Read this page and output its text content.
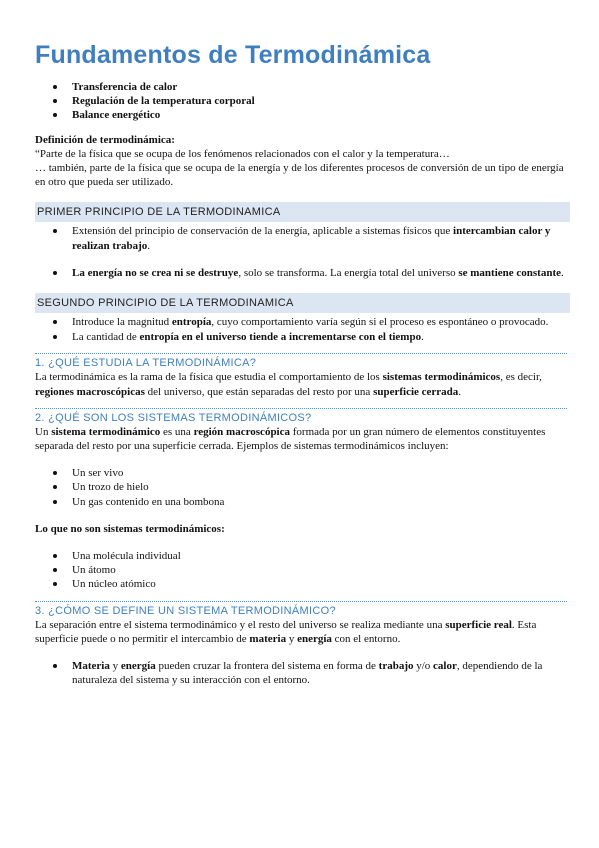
Fundamentos de Termodinámica
Transferencia de calor
Regulación de la temperatura corporal
Balance energético

Definición de termodinámica:

“Parte de la física que se ocupa de los fenómenos relacionados con el calor y la temperatura…

… también, parte de la física que se ocupa de la energía y de los diferentes procesos de conversión de un tipo de energía en otro que pueda ser utilizado.

PRIMER PRINCIPIO DE LA TERMODINAMICA
Extensión del principio de conservación de la energía, aplicable a sistemas físicos que intercambian calor y realizan trabajo.
La energía no se crea ni se destruye, solo se transforma. La energía total del universo se mantiene constante.
SEGUNDO PRINCIPIO DE LA TERMODINAMICA
Introduce la magnitud entropía, cuyo comportamiento varía según si el proceso es espontáneo o provocado.
La cantidad de entropía en el universo tiende a incrementarse con el tiempo.
1. ¿QUÉ ESTUDIA LA TERMODINÁMICA?

La termodinámica es la rama de la física que estudia el comportamiento de los sistemas termodinámicos, es decir, regiones macroscópicas del universo, que están separadas del resto por una superficie cerrada.

2. ¿QUÉ SON LOS SISTEMAS TERMODINÁMICOS?

Un sistema termodinámico es una región macroscópica formada por un gran número de elementos constituyentes separada del resto por una superficie cerrada. Ejemplos de sistemas termodinámicos incluyen:

Un ser vivo
Un trozo de hielo
Un gas contenido en una bombona

Lo que no son sistemas termodinámicos:

Una molécula individual
Un átomo
Un núcleo atómico
3. ¿CÓMO SE DEFINE UN SISTEMA TERMODINÁMICO?

La separación entre el sistema termodinámico y el resto del universo se realiza mediante una superficie real. Esta superficie puede o no permitir el intercambio de materia y energía con el entorno.

Materia y energía pueden cruzar la frontera del sistema en forma de trabajo y/o calor, dependiendo de la naturaleza del sistema y su interacción con el entorno.
